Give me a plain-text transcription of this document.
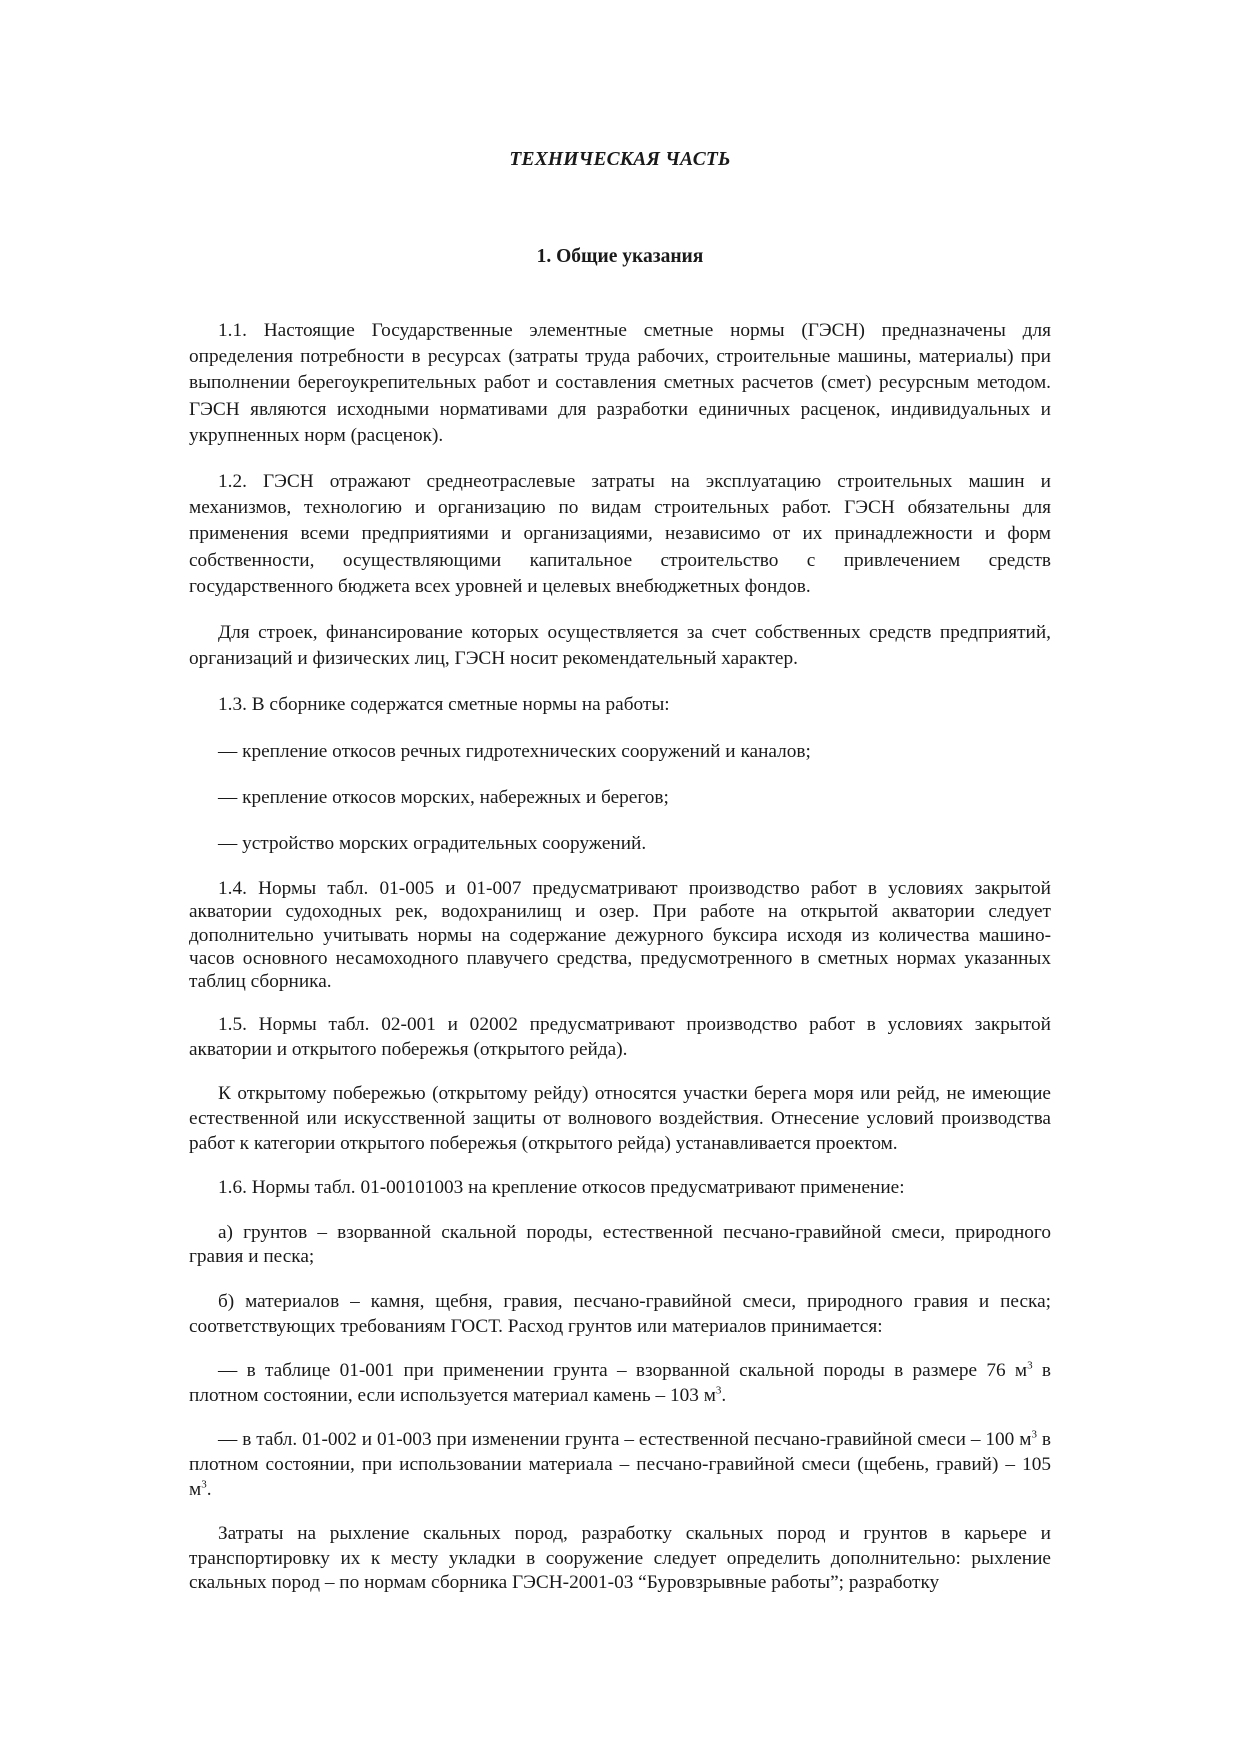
ТЕХНИЧЕСКАЯ ЧАСТЬ
1. Общие указания

1.1. Настоящие Государственные элементные сметные нормы (ГЭСН) предназначены для определения потребности в ресурсах (затраты труда рабочих, строительные машины, материалы) при выполнении берегоукрепительных работ и составления сметных расчетов (смет) ресурсным методом. ГЭСН являются исходными нормативами для разработки единичных расценок, индивидуальных и укрупненных норм (расценок).

1.2. ГЭСН отражают среднеотраслевые затраты на эксплуатацию строительных машин и механизмов, технологию и организацию по видам строительных работ. ГЭСН обязательны для применения всеми предприятиями и организациями, независимо от их принадлежности и форм собственности, осуществляющими капитальное строительство с привлечением средств государственного бюджета всех уровней и целевых внебюджетных фондов.

Для строек, финансирование которых осуществляется за счет собственных средств предприятий, организаций и физических лиц, ГЭСН носит рекомендательный характер.

1.3. В сборнике содержатся сметные нормы на работы:

— крепление откосов речных гидротехнических сооружений и каналов;

— крепление откосов морских, набережных и берегов;

— устройство морских оградительных сооружений.

1.4. Нормы табл. 01-005 и 01-007 предусматривают производство работ в условиях закрытой акватории судоходных рек, водохранилищ и озер. При работе на открытой акватории следует дополнительно учитывать нормы на содержание дежурного буксира исходя из количества машино-часов основного несамоходного плавучего средства, предусмотренного в сметных нормах указанных таблиц сборника.

1.5. Нормы табл. 02-001 и 02002 предусматривают производство работ в условиях закрытой акватории и открытого побережья (открытого рейда).

К открытому побережью (открытому рейду) относятся участки берега моря или рейд, не имеющие естественной или искусственной защиты от волнового воздействия. Отнесение условий производства работ к категории открытого побережья (открытого рейда) устанавливается проектом.

1.6. Нормы табл. 01-00101003 на крепление откосов предусматривают применение:

а) грунтов – взорванной скальной породы, естественной песчано-гравийной смеси, природного гравия и песка;

б) материалов – камня, щебня, гравия, песчано-гравийной смеси, природного гравия и песка; соответствующих требованиям ГОСТ. Расход грунтов или материалов принимается:

— в таблице 01-001 при применении грунта – взорванной скальной породы в размере 76 $м^3$ в плотном состоянии, если используется материал камень – 103 $м^3$.

— в табл. 01-002 и 01-003 при изменении грунта – естественной песчано-гравийной смеси – 100 $м^3$ в плотном состоянии, при использовании материала – песчано-гравийной смеси (щебень, гравий) – 105 $м^3$.

Затраты на рыхление скальных пород, разработку скальных пород и грунтов в карьере и транспортировку их к месту укладки в сооружение следует определить дополнительно: рыхление скальных пород – по нормам сборника ГЭСН-2001-03 “Буровзрывные работы”; разработку
